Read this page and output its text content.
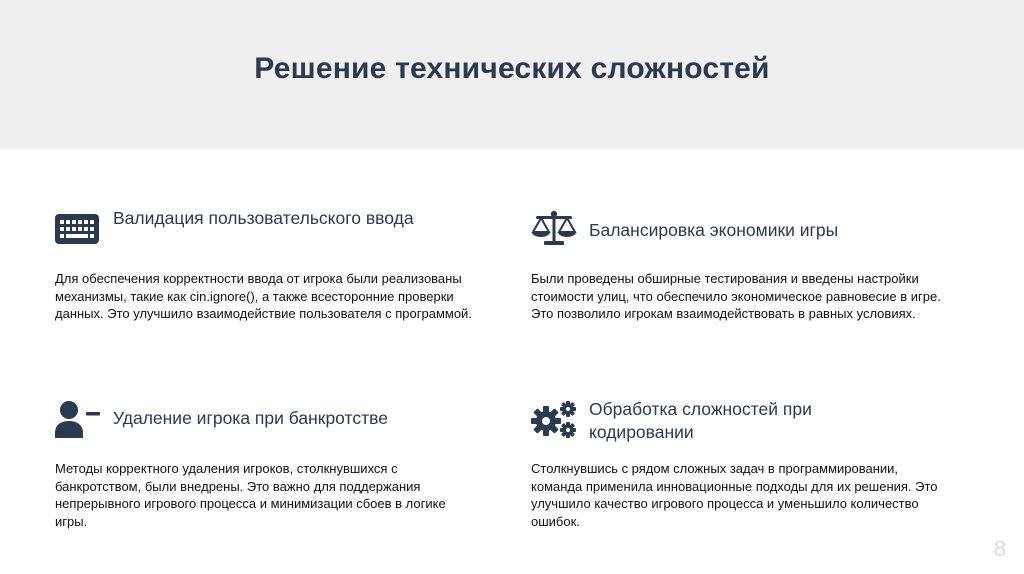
Решение технических сложностей
Валидация пользовательского ввода
Для обеспечения корректности ввода от игрока были реализованы механизмы, такие как cin.ignore(), а также всесторонние проверки данных. Это улучшило взаимодействие пользователя с программой.
Балансировка экономики игры
Были проведены обширные тестирования и введены настройки стоимости улиц, что обеспечило экономическое равновесие в игре. Это позволило игрокам взаимодействовать в равных условиях.
Удаление игрока при банкротстве
Методы корректного удаления игроков, столкнувшихся с банкротством, были внедрены. Это важно для поддержания непрерывного игрового процесса и минимизации сбоев в логике игры.
Обработка сложностей при кодировании
Столкнувшись с рядом сложных задач в программировании, команда применила инновационные подходы для их решения. Это улучшило качество игрового процесса и уменьшило количество ошибок.
8
